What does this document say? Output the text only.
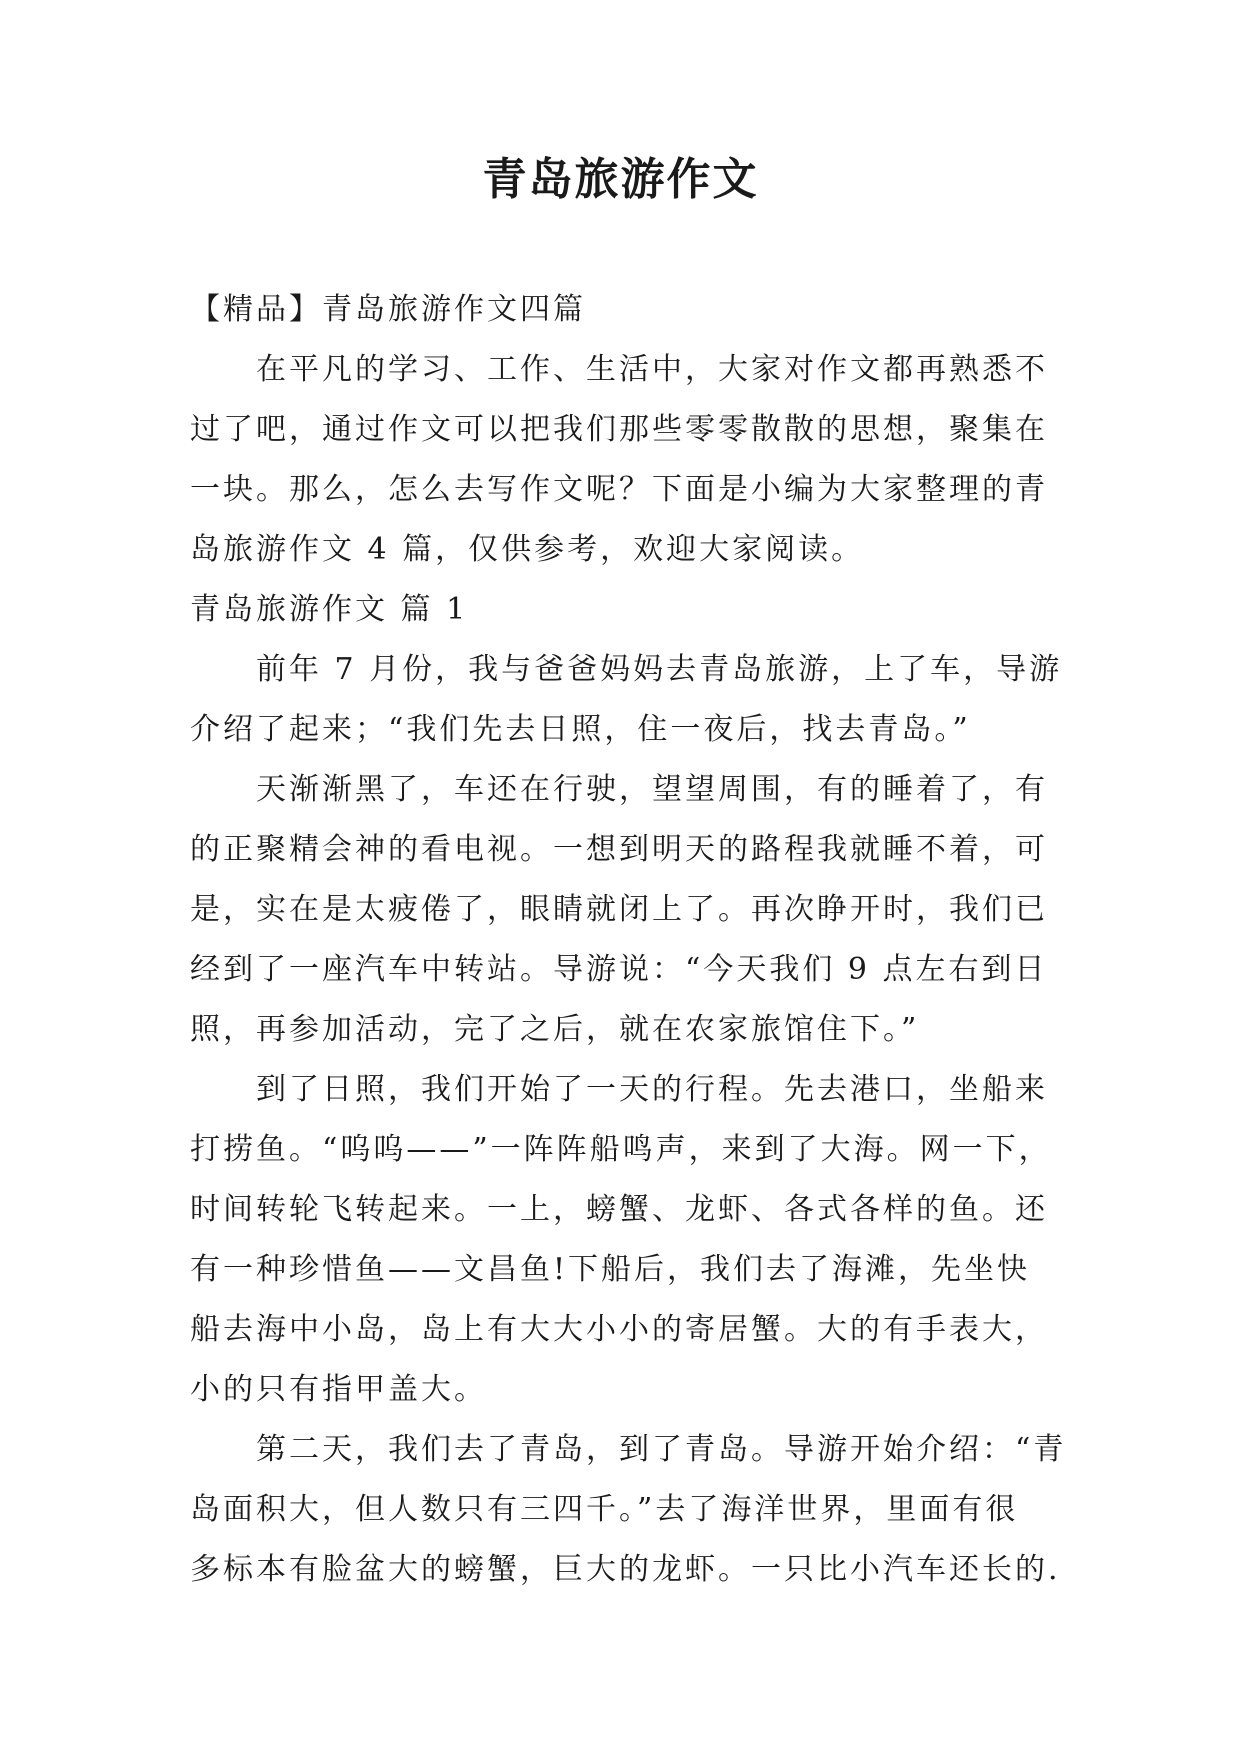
青岛旅游作文
【精品】青岛旅游作文四篇
在平凡的学习、工作、生活中，大家对作文都再熟悉不
过了吧，通过作文可以把我们那些零零散散的思想，聚集在
一块。那么，怎么去写作文呢？下面是小编为大家整理的青
岛旅游作文 4 篇，仅供参考，欢迎大家阅读。
青岛旅游作文 篇 1
前年 7 月份，我与爸爸妈妈去青岛旅游，上了车，导游
介绍了起来；“我们先去日照，住一夜后，找去青岛。”
天渐渐黑了，车还在行驶，望望周围，有的睡着了，有
的正聚精会神的看电视。一想到明天的路程我就睡不着，可
是，实在是太疲倦了，眼睛就闭上了。再次睁开时，我们已
经到了一座汽车中转站。导游说：“今天我们 9 点左右到日
照，再参加活动，完了之后，就在农家旅馆住下。”
到了日照，我们开始了一天的行程。先去港口，坐船来
打捞鱼。“呜呜——”一阵阵船鸣声，来到了大海。网一下，
时间转轮飞转起来。一上，螃蟹、龙虾、各式各样的鱼。还
有一种珍惜鱼——文昌鱼!下船后，我们去了海滩，先坐快
船去海中小岛，岛上有大大小小的寄居蟹。大的有手表大，
小的只有指甲盖大。
第二天，我们去了青岛，到了青岛。导游开始介绍：“青
岛面积大，但人数只有三四千。”去了海洋世界，里面有很
多标本有脸盆大的螃蟹，巨大的龙虾。一只比小汽车还长的.
